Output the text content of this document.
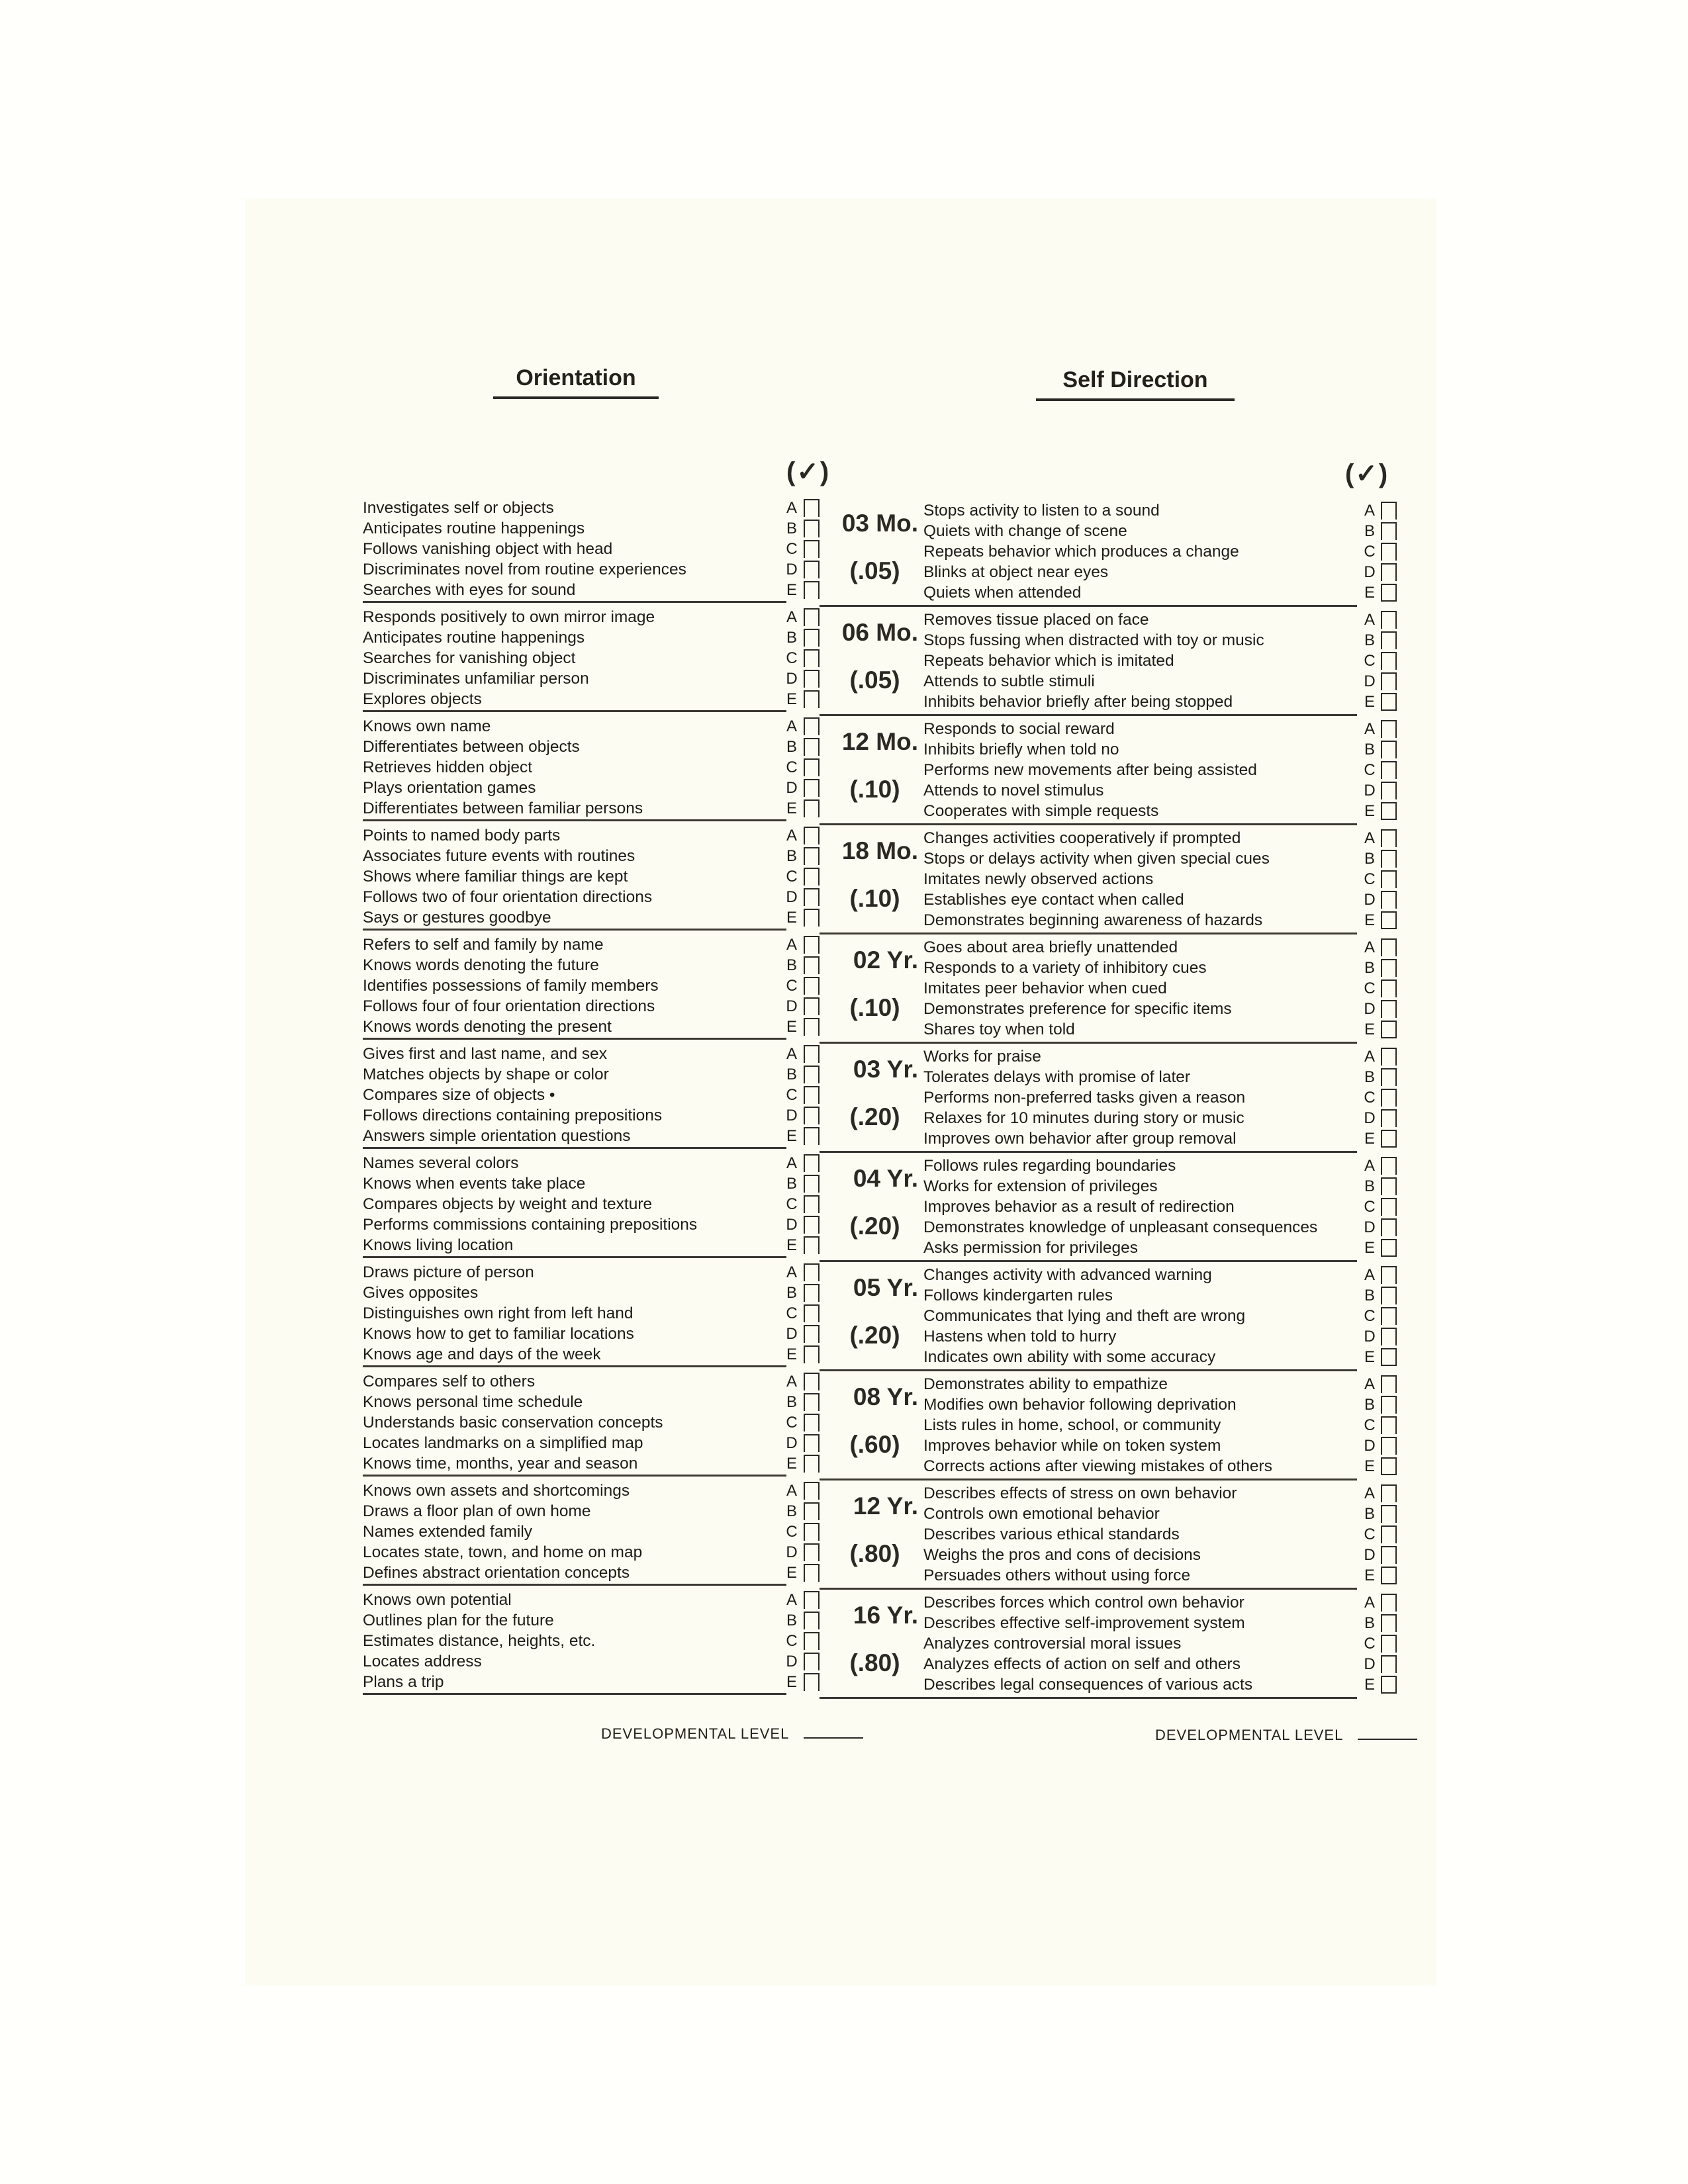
Orientation	Self Direction
(✓)	(✓)
Investigates self or objects	A
Anticipates routine happenings	B
Follows vanishing object with head	C
Discriminates novel from routine experiences	D
Searches with eyes for sound	E
Responds positively to own mirror image	A
Anticipates routine happenings	B
Searches for vanishing object	C
Discriminates unfamiliar person	D
Explores objects	E
Knows own name	A
Differentiates between objects	B
Retrieves hidden object	C
Plays orientation games	D
Differentiates between familiar persons	E
Points to named body parts	A
Associates future events with routines	B
Shows where familiar things are kept	C
Follows two of four orientation directions	D
Says or gestures goodbye	E
Refers to self and family by name	A
Knows words denoting the future	B
Identifies possessions of family members	C
Follows four of four orientation directions	D
Knows words denoting the present	E
Gives first and last name, and sex	A
Matches objects by shape or color	B
Compares size of objects •	C
Follows directions containing prepositions	D
Answers simple orientation questions	E
Names several colors	A
Knows when events take place	B
Compares objects by weight and texture	C
Performs commissions containing prepositions	D
Knows living location	E
Draws picture of person	A
Gives opposites	B
Distinguishes own right from left hand	C
Knows how to get to familiar locations	D
Knows age and days of the week	E
Compares self to others	A
Knows personal time schedule	B
Understands basic conservation concepts	C
Locates landmarks on a simplified map	D
Knows time, months, year and season	E
Knows own assets and shortcomings	A
Draws a floor plan of own home	B
Names extended family	C
Locates state, town, and home on map	D
Defines abstract orientation concepts	E
Knows own potential	A
Outlines plan for the future	B
Estimates distance, heights, etc.	C
Locates address	D
Plans a trip	E
03 Mo.
(.05)
Stops activity to listen to a sound	A
Quiets with change of scene	B
Repeats behavior which produces a change	C
Blinks at object near eyes	D
Quiets when attended	E
06 Mo.
(.05)
Removes tissue placed on face	A
Stops fussing when distracted with toy or music	B
Repeats behavior which is imitated	C
Attends to subtle stimuli	D
Inhibits behavior briefly after being stopped	E
12 Mo.
(.10)
Responds to social reward	A
Inhibits briefly when told no	B
Performs new movements after being assisted	C
Attends to novel stimulus	D
Cooperates with simple requests	E
18 Mo.
(.10)
Changes activities cooperatively if prompted	A
Stops or delays activity when given special cues	B
Imitates newly observed actions	C
Establishes eye contact when called	D
Demonstrates beginning awareness of hazards	E
02 Yr.
(.10)
Goes about area briefly unattended	A
Responds to a variety of inhibitory cues	B
Imitates peer behavior when cued	C
Demonstrates preference for specific items	D
Shares toy when told	E
03 Yr.
(.20)
Works for praise	A
Tolerates delays with promise of later	B
Performs non-preferred tasks given a reason	C
Relaxes for 10 minutes during story or music	D
Improves own behavior after group removal	E
04 Yr.
(.20)
Follows rules regarding boundaries	A
Works for extension of privileges	B
Improves behavior as a result of redirection	C
Demonstrates knowledge of unpleasant consequences	D
Asks permission for privileges	E
05 Yr.
(.20)
Changes activity with advanced warning	A
Follows kindergarten rules	B
Communicates that lying and theft are wrong	C
Hastens when told to hurry	D
Indicates own ability with some accuracy	E
08 Yr.
(.60)
Demonstrates ability to empathize	A
Modifies own behavior following deprivation	B
Lists rules in home, school, or community	C
Improves behavior while on token system	D
Corrects actions after viewing mistakes of others	E
12 Yr.
(.80)
Describes effects of stress on own behavior	A
Controls own emotional behavior	B
Describes various ethical standards	C
Weighs the pros and cons of decisions	D
Persuades others without using force	E
16 Yr.
(.80)
Describes forces which control own behavior	A
Describes effective self-improvement system	B
Analyzes controversial moral issues	C
Analyzes effects of action on self and others	D
Describes legal consequences of various acts	E
DEVELOPMENTAL LEVEL	DEVELOPMENTAL LEVEL
